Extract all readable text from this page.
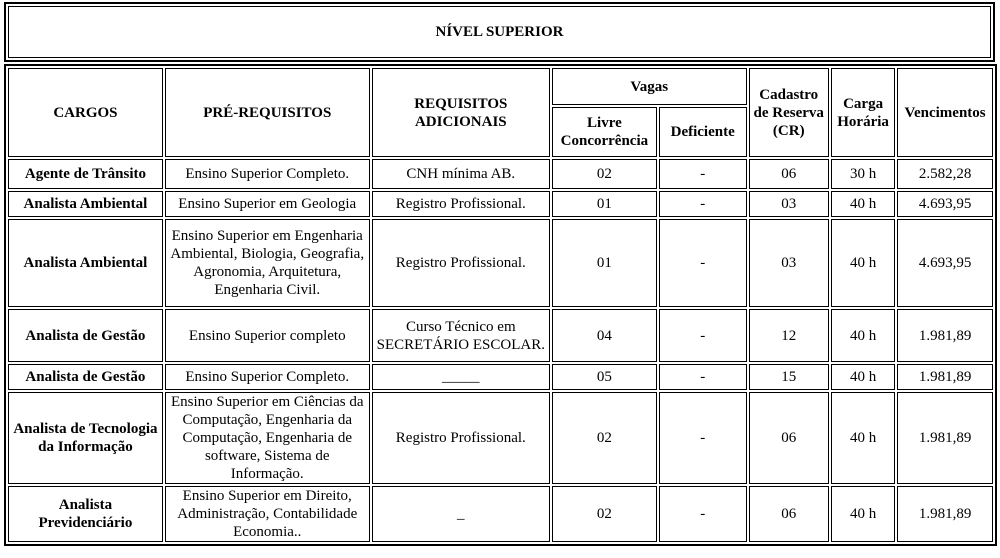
NÍVEL SUPERIOR
CARGOS	PRÉ-REQUISITOS	REQUISITOS ADICIONAIS	Vagas		Cadastro de Reserva (CR)	Carga Horária	Vencimentos
			Livre Concorrência	Deficiente			
Agente de Trânsito	Ensino Superior Completo.	CNH mínima AB.	02	-	06	30 h	2.582,28
Analista Ambiental	Ensino Superior em Geologia	Registro Profissional.	01	-	03	40 h	4.693,95
Analista Ambiental	Ensino Superior em Engenharia Ambiental, Biologia, Geografia, Agronomia, Arquitetura, Engenharia Civil.	Registro Profissional.	01	-	03	40 h	4.693,95
Analista de Gestão	Ensino Superior completo	Curso Técnico em SECRETÁRIO ESCOLAR.	04	-	12	40 h	1.981,89
Analista de Gestão	Ensino Superior Completo.	_____	05	-	15	40 h	1.981,89
Analista de Tecnologia da Informação	Ensino Superior em Ciências da Computação, Engenharia da Computação, Engenharia de software, Sistema de Informação.	Registro Profissional.	02	-	06	40 h	1.981,89
Analista Previdenciário	Ensino Superior em Direito, Administração, Contabilidade Economia..	_	02	-	06	40 h	1.981,89
